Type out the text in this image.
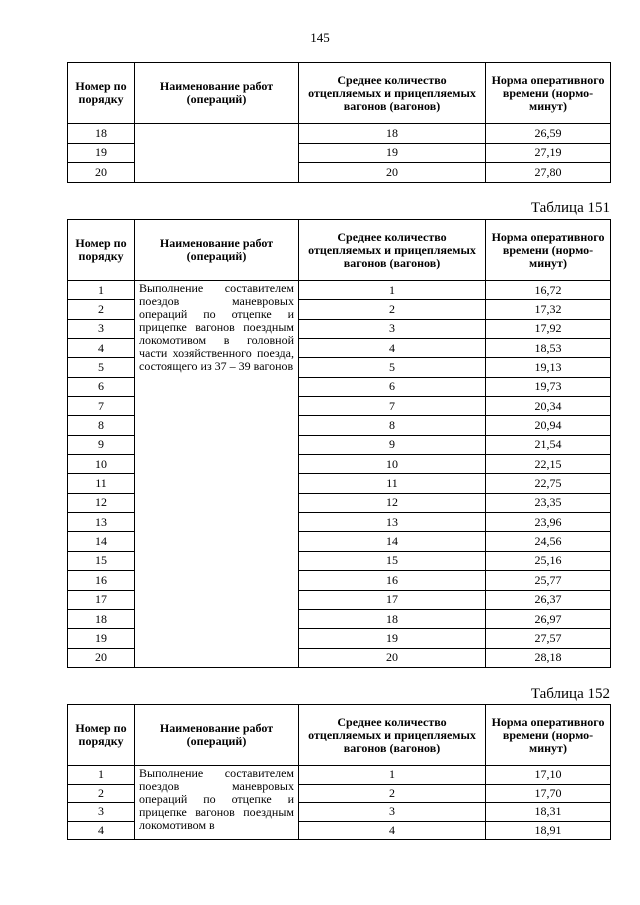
145
Номер по порядку	Наименование работ (операций)	Среднее количество отцепляемых и прицепляемых вагонов (вагонов)	Норма оперативного времени (нормо-минут)
18		18	26,59
19		19	27,19
20		20	27,80
Таблица 151
Номер по порядку	Наименование работ (операций)	Среднее количество отцепляемых и прицепляемых вагонов (вагонов)	Норма оперативного времени (нормо-минут)
1	Выполнение составителем поездов маневровых операций по отцепке и прицепке вагонов поездным локомотивом в головной части хозяйственного поезда, состоящего из 37 – 39 вагонов	1	16,72
2		2	17,32
3		3	17,92
4		4	18,53
5		5	19,13
6		6	19,73
7		7	20,34
8		8	20,94
9		9	21,54
10		10	22,15
11		11	22,75
12		12	23,35
13		13	23,96
14		14	24,56
15		15	25,16
16		16	25,77
17		17	26,37
18		18	26,97
19		19	27,57
20		20	28,18
Таблица 152
Номер по порядку	Наименование работ (операций)	Среднее количество отцепляемых и прицепляемых вагонов (вагонов)	Норма оперативного времени (нормо-минут)
1	Выполнение составителем поездов маневровых операций по отцепке и прицепке вагонов поездным локомотивом в	1	17,10
2		2	17,70
3		3	18,31
4		4	18,91
